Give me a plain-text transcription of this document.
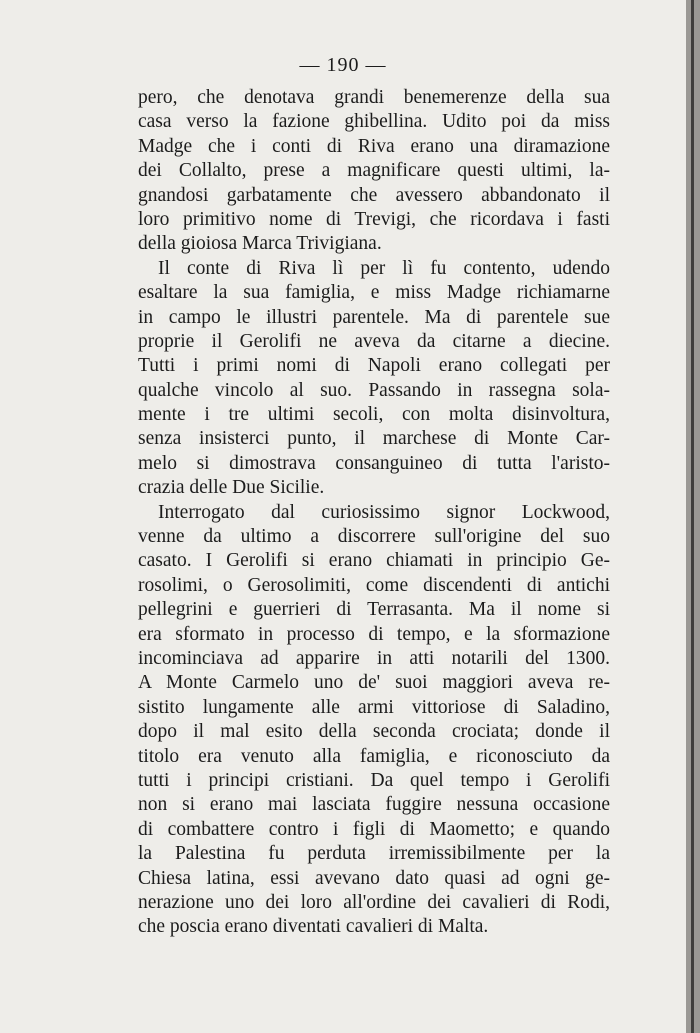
— 190 —
pero, che denotava grandi benemerenze della sua
casa verso la fazione ghibellina. Udito poi da miss
Madge che i conti di Riva erano una diramazione
dei Collalto, prese a magnificare questi ultimi, la-
gnandosi garbatamente che avessero abbandonato il
loro primitivo nome di Trevigi, che ricordava i fasti
della gioiosa Marca Trivigiana.
Il conte di Riva lì per lì fu contento, udendo
esaltare la sua famiglia, e miss Madge richiamarne
in campo le illustri parentele. Ma di parentele sue
proprie il Gerolifi ne aveva da citarne a diecine.
Tutti i primi nomi di Napoli erano collegati per
qualche vincolo al suo. Passando in rassegna sola-
mente i tre ultimi secoli, con molta disinvoltura,
senza insisterci punto, il marchese di Monte Car-
melo si dimostrava consanguineo di tutta l'aristo-
crazia delle Due Sicilie.
Interrogato dal curiosissimo signor Lockwood,
venne da ultimo a discorrere sull'origine del suo
casato. I Gerolifi si erano chiamati in principio Ge-
rosolimi, o Gerosolimiti, come discendenti di antichi
pellegrini e guerrieri di Terrasanta. Ma il nome si
era sformato in processo di tempo, e la sformazione
incominciava ad apparire in atti notarili del 1300.
A Monte Carmelo uno de' suoi maggiori aveva re-
sistito lungamente alle armi vittoriose di Saladino,
dopo il mal esito della seconda crociata; donde il
titolo era venuto alla famiglia, e riconosciuto da
tutti i principi cristiani. Da quel tempo i Gerolifi
non si erano mai lasciata fuggire nessuna occasione
di combattere contro i figli di Maometto; e quando
la Palestina fu perduta irremissibilmente per la
Chiesa latina, essi avevano dato quasi ad ogni ge-
nerazione uno dei loro all'ordine dei cavalieri di Rodi,
che poscia erano diventati cavalieri di Malta.
